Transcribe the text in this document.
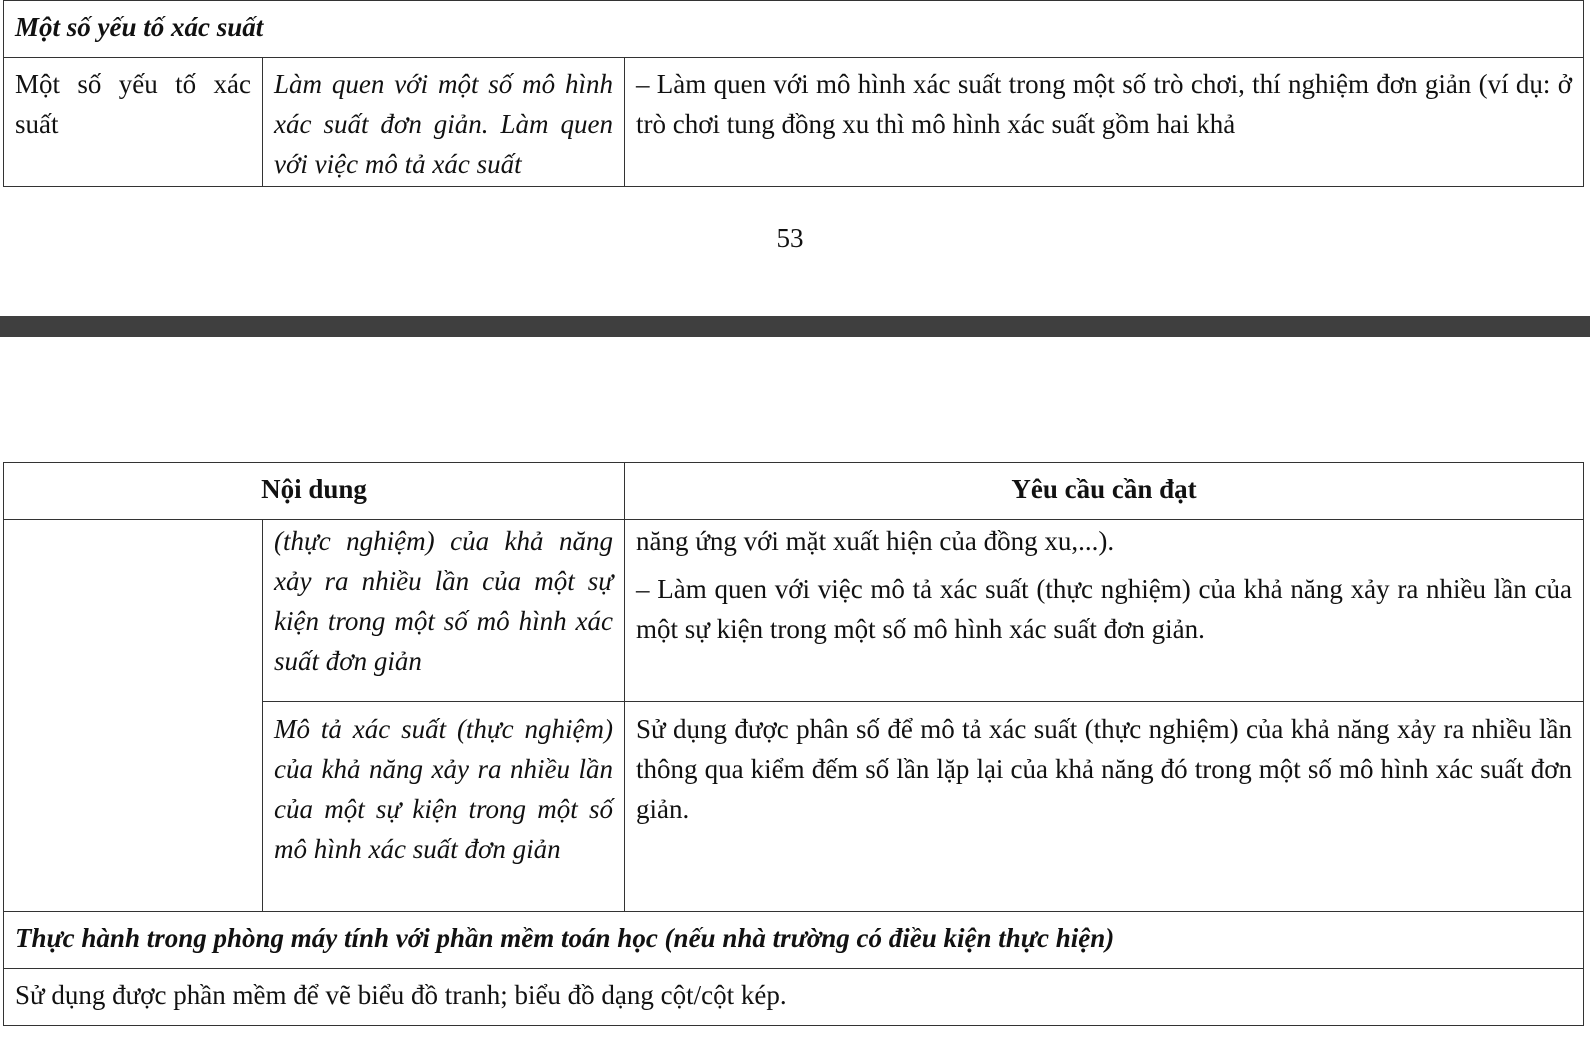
Một số yếu tố xác suất
Một số yếu tố xác suất	Làm quen với một số mô hình xác suất đơn giản. Làm quen với việc mô tả xác suất	– Làm quen với mô hình xác suất trong một số trò chơi, thí nghiệm đơn giản (ví dụ: ở trò chơi tung đồng xu thì mô hình xác suất gồm hai khả
53
Nội dung		Yêu cầu cần đạt
	(thực nghiệm) của khả năng xảy ra nhiều lần của một sự kiện trong một số mô hình xác suất đơn giản	năng ứng với mặt xuất hiện của đồng xu,...).

– Làm quen với việc mô tả xác suất (thực nghiệm) của khả năng xảy ra nhiều lần của một sự kiện trong một số mô hình xác suất đơn giản.

	Mô tả xác suất (thực nghiệm) của khả năng xảy ra nhiều lần của một sự kiện trong một số mô hình xác suất đơn giản	Sử dụng được phân số để mô tả xác suất (thực nghiệm) của khả năng xảy ra nhiều lần thông qua kiểm đếm số lần lặp lại của khả năng đó trong một số mô hình xác suất đơn giản.
Thực hành trong phòng máy tính với phần mềm toán học (nếu nhà trường có điều kiện thực hiện)		
Sử dụng được phần mềm để vẽ biểu đồ tranh; biểu đồ dạng cột/cột kép.		
